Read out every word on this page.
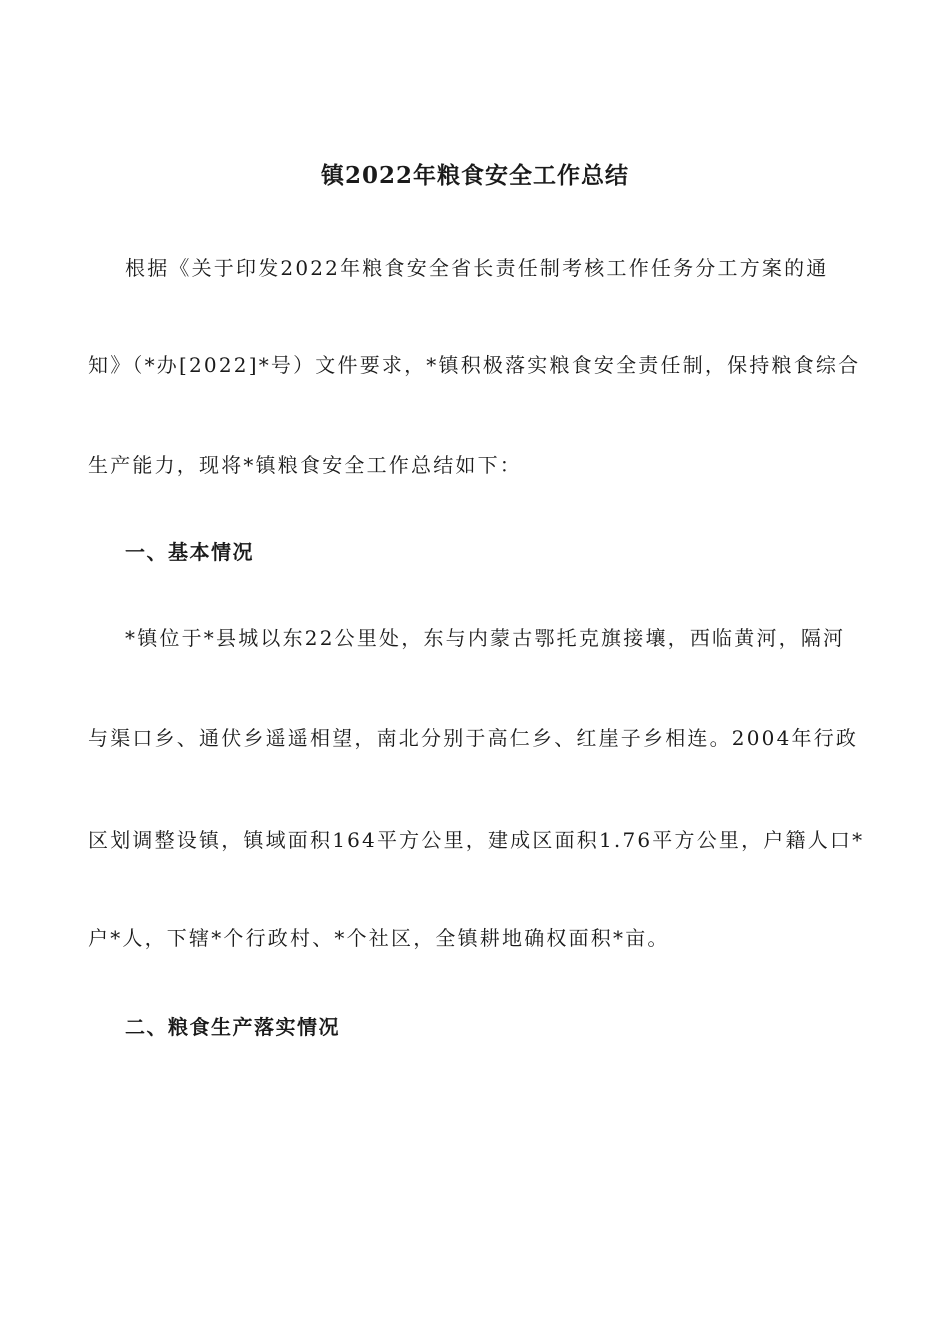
镇2022年粮食安全工作总结
根据《关于印发2022年粮食安全省长责任制考核工作任务分工方案的通
知》（*办[2022]*号）文件要求，*镇积极落实粮食安全责任制，保持粮食综合
生产能力，现将*镇粮食安全工作总结如下：
一、基本情况
*镇位于*县城以东22公里处，东与内蒙古鄂托克旗接壤，西临黄河，隔河
与渠口乡、通伏乡遥遥相望，南北分别于高仁乡、红崖子乡相连。2004年行政
区划调整设镇，镇域面积164平方公里，建成区面积1.76平方公里，户籍人口*
户*人，下辖*个行政村、*个社区，全镇耕地确权面积*亩。
二、粮食生产落实情况
